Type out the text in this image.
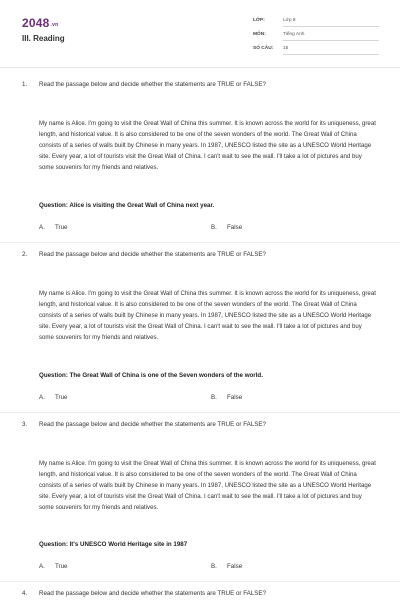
2048.vn
III. Reading
LỚP:	Lớp 8
MÔN:	Tiếng Anh
SỐ CÂU: 15
1. Read the passage below and decide whether the statements are TRUE or FALSE?
My name is Alice. I'm going to visit the Great Wall of China this summer. It is known across the world for its uniqueness, great length, and historical value. It is also considered to be one of the seven wonders of the world. The Great Wall of China consists of a series of walls built by Chinese in many years. In 1987, UNESCO listed the site as a UNESCO World Heritage site. Every year, a lot of tourists visit the Great Wall of China. I can't wait to see the wall. I'll take a lot of pictures and buy some souvenirs for my friends and relatives.
Question: Alice is visiting the Great Wall of China next year.
A. True	B. False
2. Read the passage below and decide whether the statements are TRUE or FALSE?
My name is Alice. I'm going to visit the Great Wall of China this summer. It is known across the world for its uniqueness, great length, and historical value. It is also considered to be one of the seven wonders of the world. The Great Wall of China consists of a series of walls built by Chinese in many years. In 1987, UNESCO listed the site as a UNESCO World Heritage site. Every year, a lot of tourists visit the Great Wall of China. I can't wait to see the wall. I'll take a lot of pictures and buy some souvenirs for my friends and relatives.
Question: The Great Wall of China is one of the Seven wonders of the world.
A. True	B. False
3. Read the passage below and decide whether the statements are TRUE or FALSE?
My name is Alice. I'm going to visit the Great Wall of China this summer. It is known across the world for its uniqueness, great length, and historical value. It is also considered to be one of the seven wonders of the world. The Great Wall of China consists of a series of walls built by Chinese in many years. In 1987, UNESCO listed the site as a UNESCO World Heritage site. Every year, a lot of tourists visit the Great Wall of China. I can't wait to see the wall. I'll take a lot of pictures and buy some souvenirs for my friends and relatives.
Question: It's UNESCO World Heritage site in 1987
A. True	B. False
4. Read the passage below and decide whether the statements are TRUE or FALSE?
